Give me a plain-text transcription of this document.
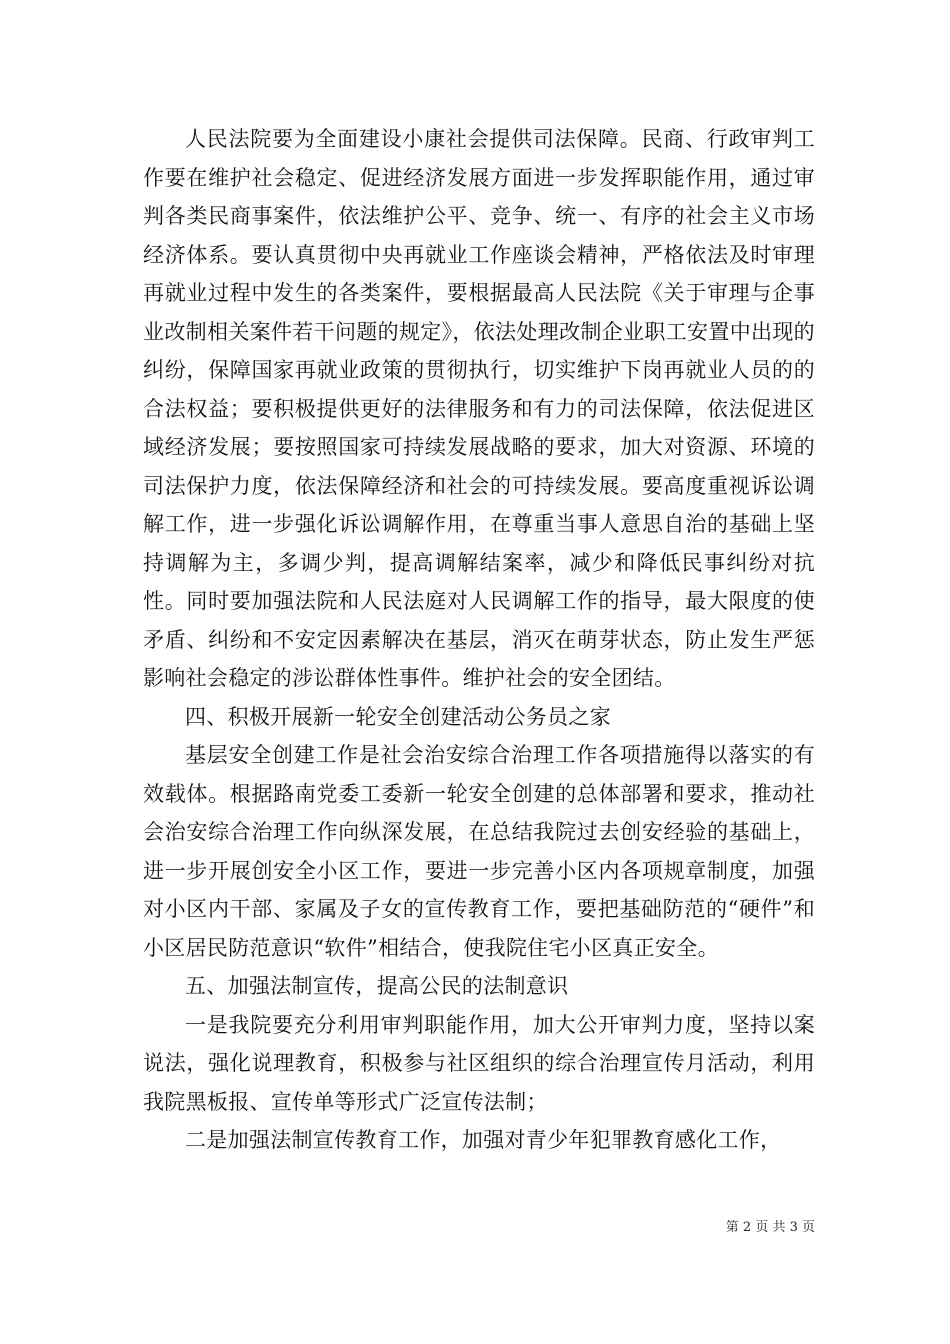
人民法院要为全面建设小康社会提供司法保障。民商、行政审判工作要在维护社会稳定、促进经济发展方面进一步发挥职能作用，通过审判各类民商事案件，依法维护公平、竞争、统一、有序的社会主义市场经济体系。要认真贯彻中央再就业工作座谈会精神，严格依法及时审理再就业过程中发生的各类案件，要根据最高人民法院《关于审理与企事业改制相关案件若干问题的规定》，依法处理改制企业职工安置中出现的纠纷，保障国家再就业政策的贯彻执行，切实维护下岗再就业人员的的合法权益；要积极提供更好的法律服务和有力的司法保障，依法促进区域经济发展；要按照国家可持续发展战略的要求，加大对资源、环境的司法保护力度，依法保障经济和社会的可持续发展。要高度重视诉讼调解工作，进一步强化诉讼调解作用，在尊重当事人意思自治的基础上坚持调解为主，多调少判，提高调解结案率，减少和降低民事纠纷对抗性。同时要加强法院和人民法庭对人民调解工作的指导，最大限度的使矛盾、纠纷和不安定因素解决在基层，消灭在萌芽状态，防止发生严惩影响社会稳定的涉讼群体性事件。维护社会的安全团结。

四、积极开展新一轮安全创建活动公务员之家

基层安全创建工作是社会治安综合治理工作各项措施得以落实的有效载体。根据路南党委工委新一轮安全创建的总体部署和要求，推动社会治安综合治理工作向纵深发展，在总结我院过去创安经验的基础上，进一步开展创安全小区工作，要进一步完善小区内各项规章制度，加强对小区内干部、家属及子女的宣传教育工作，要把基础防范的“硬件”和小区居民防范意识“软件”相结合，使我院住宅小区真正安全。

五、加强法制宣传，提高公民的法制意识

一是我院要充分利用审判职能作用，加大公开审判力度，坚持以案说法，强化说理教育，积极参与社区组织的综合治理宣传月活动，利用我院黑板报、宣传单等形式广泛宣传法制；

二是加强法制宣传教育工作，加强对青少年犯罪教育感化工作，

第 2 页 共 3 页
